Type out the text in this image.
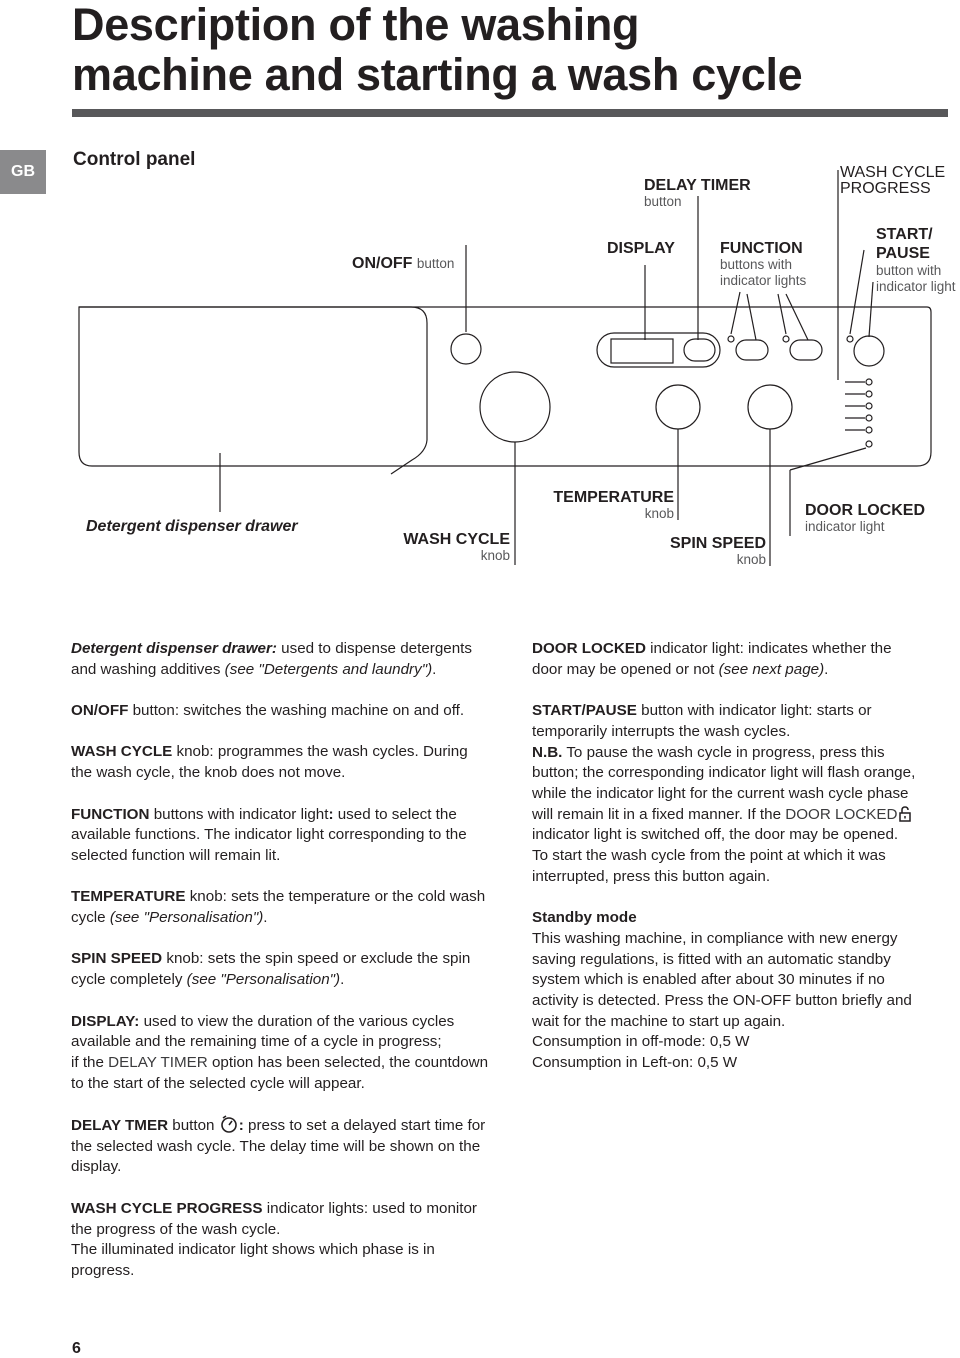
Description of the washing
machine and starting a wash cycle
GB
Control panel
DELAY TIMER
button
WASH CYCLE
PROGRESS
ON/OFF button
DISPLAY	FUNCTION
buttons with
indicator lights
START/
PAUSE
button with
indicator light
Detergent dispenser drawer
WASH CYCLE
knob
TEMPERATURE
knob
SPIN SPEED
knob
DOOR LOCKED
indicator light

Detergent dispenser drawer: used to dispense detergents and washing additives (see "Detergents and laundry").

ON/OFF button: switches the washing machine on and off.

WASH CYCLE knob: programmes the wash cycles. During the wash cycle, the knob does not move.

FUNCTION buttons with indicator light: used to select the available functions. The indicator light corresponding to the selected function will remain lit.

TEMPERATURE knob: sets the temperature or the cold wash cycle (see "Personalisation").

SPIN SPEED knob: sets the spin speed or exclude the spin cycle completely (see "Personalisation").

DISPLAY: used to view the duration of the various cycles available and the remaining time of a cycle in progress;
if the DELAY TIMER option has been selected, the countdown to the start of the selected cycle will appear.

DELAY TMER button : press to set a delayed start time for the selected wash cycle. The delay time will be shown on the display.

WASH CYCLE PROGRESS indicator lights: used to monitor the progress of the wash cycle.
The illuminated indicator light shows which phase is in progress.

DOOR LOCKED indicator light: indicates whether the door may be opened or not (see next page).

START/PAUSE button with indicator light: starts or temporarily interrupts the wash cycles.
N.B. To pause the wash cycle in progress, press this button; the corresponding indicator light will flash orange, while the indicator light for the current wash cycle phase will remain lit in a fixed manner. If the DOOR LOCKED indicator light is switched off, the door may be opened.
To start the wash cycle from the point at which it was interrupted, press this button again.

Standby mode
This washing machine, in compliance with new energy saving regulations, is fitted with an automatic standby system which is enabled after about 30 minutes if no activity is detected. Press the ON-OFF button briefly and wait for the machine to start up again.
Consumption in off-mode: 0,5 W
Consumption in Left-on: 0,5 W
6
